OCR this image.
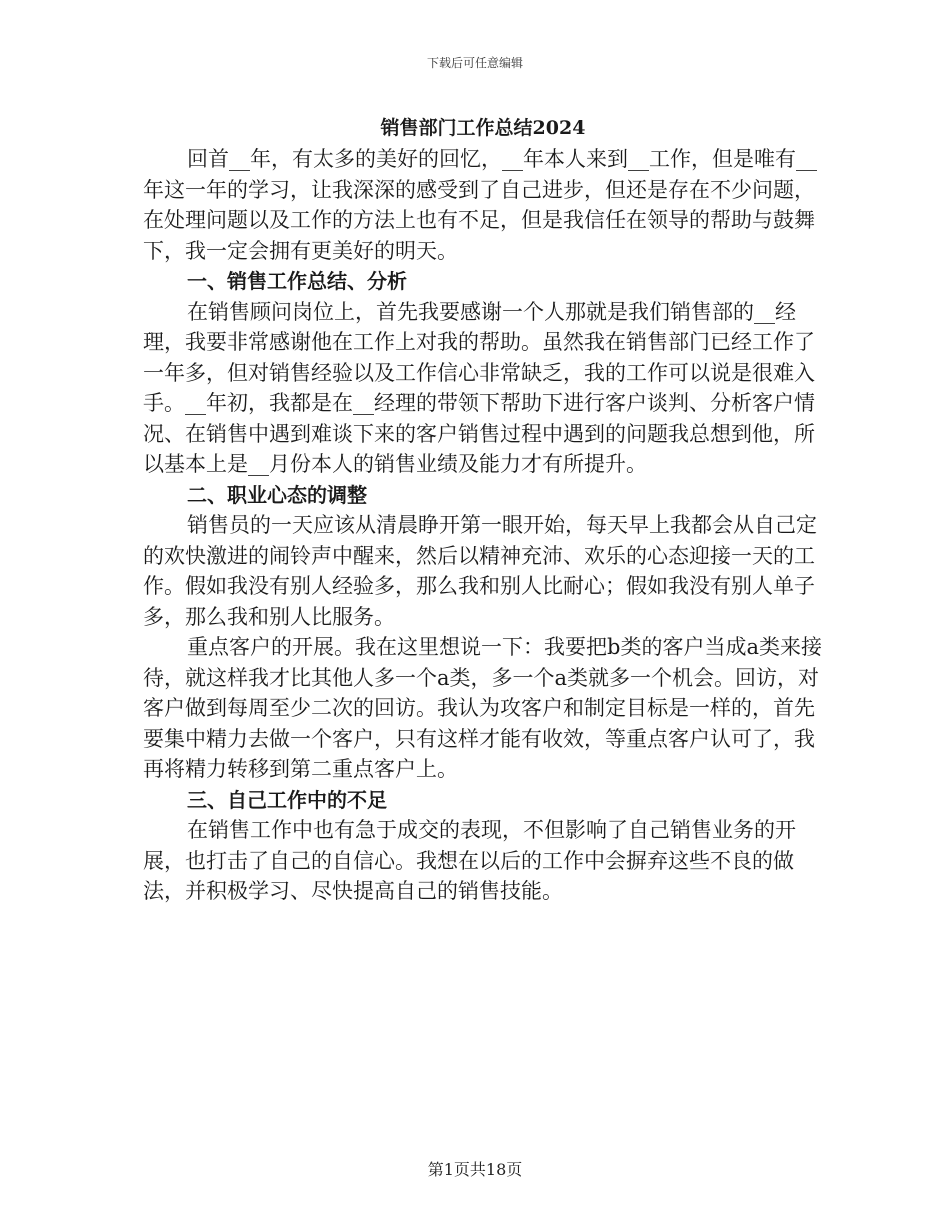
下载后可任意编辑
销售部门工作总结2024

回首__年，有太多的美好的回忆，__年本人来到__工作，但是唯有__年这一年的学习，让我深深的感受到了自己进步，但还是存在不少问题，在处理问题以及工作的方法上也有不足，但是我信任在领导的帮助与鼓舞下，我一定会拥有更美好的明天。

一、销售工作总结、分析

在销售顾问岗位上，首先我要感谢一个人那就是我们销售部的__经理，我要非常感谢他在工作上对我的帮助。虽然我在销售部门已经工作了一年多，但对销售经验以及工作信心非常缺乏，我的工作可以说是很难入手。__年初，我都是在__经理的带领下帮助下进行客户谈判、分析客户情况、在销售中遇到难谈下来的客户销售过程中遇到的问题我总想到他，所以基本上是__月份本人的销售业绩及能力才有所提升。

二、职业心态的调整

销售员的一天应该从清晨睁开第一眼开始，每天早上我都会从自己定的欢快激进的闹铃声中醒来，然后以精神充沛、欢乐的心态迎接一天的工作。假如我没有别人经验多，那么我和别人比耐心；假如我没有别人单子多，那么我和别人比服务。

重点客户的开展。我在这里想说一下：我要把b类的客户当成a类来接待，就这样我才比其他人多一个a类，多一个a类就多一个机会。回访，对客户做到每周至少二次的回访。我认为攻客户和制定目标是一样的，首先要集中精力去做一个客户，只有这样才能有收效，等重点客户认可了，我再将精力转移到第二重点客户上。

三、自己工作中的不足

在销售工作中也有急于成交的表现，不但影响了自己销售业务的开展，也打击了自己的自信心。我想在以后的工作中会摒弃这些不良的做法，并积极学习、尽快提高自己的销售技能。

第1页共18页
